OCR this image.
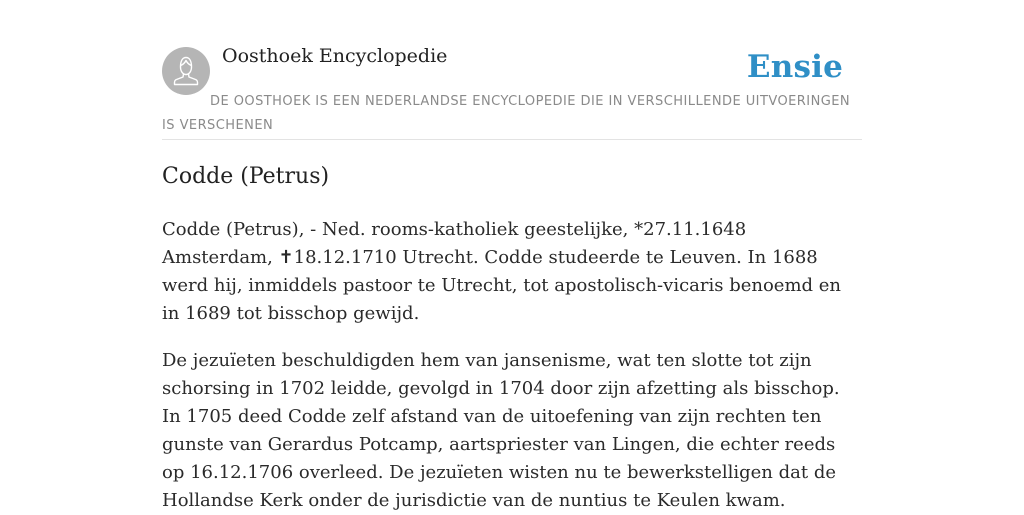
Oosthoek Encyclopedie	Ensie
DE OOSTHOEK IS EEN NEDERLANDSE ENCYCLOPEDIE DIE IN VERSCHILLENDE UITVOERINGEN IS VERSCHENEN
Codde (Petrus)

Codde (Petrus), - Ned. rooms-katholiek geestelijke, *27.11.1648 Amsterdam, ✝18.12.1710 Utrecht. Codde studeerde te Leuven. In 1688 werd hij, inmiddels pastoor te Utrecht, tot apostolisch-vicaris benoemd en in 1689 tot bisschop gewijd.

De jezuïeten beschuldigden hem van jansenisme, wat ten slotte tot zijn schorsing in 1702 leidde, gevolgd in 1704 door zijn afzetting als bisschop. In 1705 deed Codde zelf afstand van de uitoefening van zijn rechten ten gunste van Gerardus Potcamp, aartspriester van Lingen, die echter reeds op 16.12.1706 overleed. De jezuïeten wisten nu te bewerkstelligen dat de Hollandse Kerk onder de jurisdictie van de nuntius te Keulen kwam.
